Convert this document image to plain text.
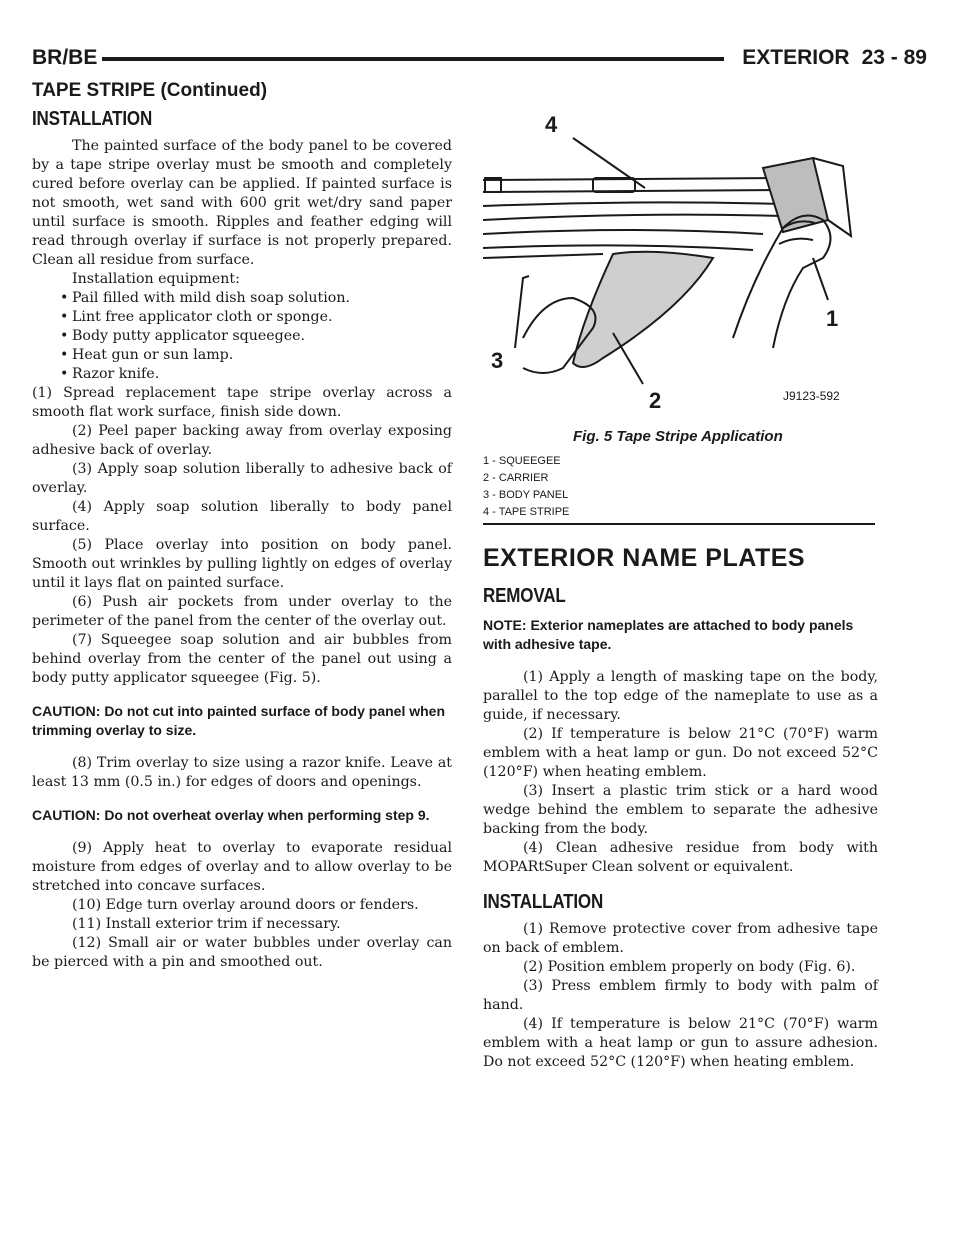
BR/BE	EXTERIOR 23 - 89
TAPE STRIPE (Continued)
INSTALLATION

The painted surface of the body panel to be covered by a tape stripe overlay must be smooth and completely cured before overlay can be applied. If painted surface is not smooth, wet sand with 600 grit wet/dry sand paper until surface is smooth. Ripples and feather edging will read through overlay if surface is not properly prepared. Clean all residue from surface.

Installation equipment:

• Pail filled with mild dish soap solution.
• Lint free applicator cloth or sponge.
• Body putty applicator squeegee.
• Heat gun or sun lamp.
• Razor knife.

(1) Spread replacement tape stripe overlay across a smooth flat work surface, finish side down.

(2) Peel paper backing away from overlay exposing adhesive back of overlay.

(3) Apply soap solution liberally to adhesive back of overlay.

(4) Apply soap solution liberally to body panel surface.

(5) Place overlay into position on body panel. Smooth out wrinkles by pulling lightly on edges of overlay until it lays flat on painted surface.

(6) Push air pockets from under overlay to the perimeter of the panel from the center of the overlay out.

(7) Squeegee soap solution and air bubbles from behind overlay from the center of the panel out using a body putty applicator squeegee (Fig. 5).

CAUTION: Do not cut into painted surface of body panel when trimming overlay to size.

(8) Trim overlay to size using a razor knife. Leave at least 13 mm (0.5 in.) for edges of doors and openings.

CAUTION: Do not overheat overlay when performing step 9.

(9) Apply heat to overlay to evaporate residual moisture from edges of overlay and to allow overlay to be stretched into concave surfaces.

(10) Edge turn overlay around doors or fenders.

(11) Install exterior trim if necessary.

(12) Small air or water bubbles under overlay can be pierced with a pin and smoothed out.

4
1
3
2	J9123-592
Fig. 5 Tape Stripe Application
1 - SQUEEGEE
2 - CARRIER
3 - BODY PANEL
4 - TAPE STRIPE
EXTERIOR NAME PLATES
REMOVAL
NOTE: Exterior nameplates are attached to body panels with adhesive tape.

(1) Apply a length of masking tape on the body, parallel to the top edge of the nameplate to use as a guide, if necessary.

(2) If temperature is below 21°C (70°F) warm emblem with a heat lamp or gun. Do not exceed 52°C (120°F) when heating emblem.

(3) Insert a plastic trim stick or a hard wood wedge behind the emblem to separate the adhesive backing from the body.

(4) Clean adhesive residue from body with MOPARtSuper Clean solvent or equivalent.

INSTALLATION

(1) Remove protective cover from adhesive tape on back of emblem.

(2) Position emblem properly on body (Fig. 6).

(3) Press emblem firmly to body with palm of hand.

(4) If temperature is below 21°C (70°F) warm emblem with a heat lamp or gun to assure adhesion. Do not exceed 52°C (120°F) when heating emblem.
